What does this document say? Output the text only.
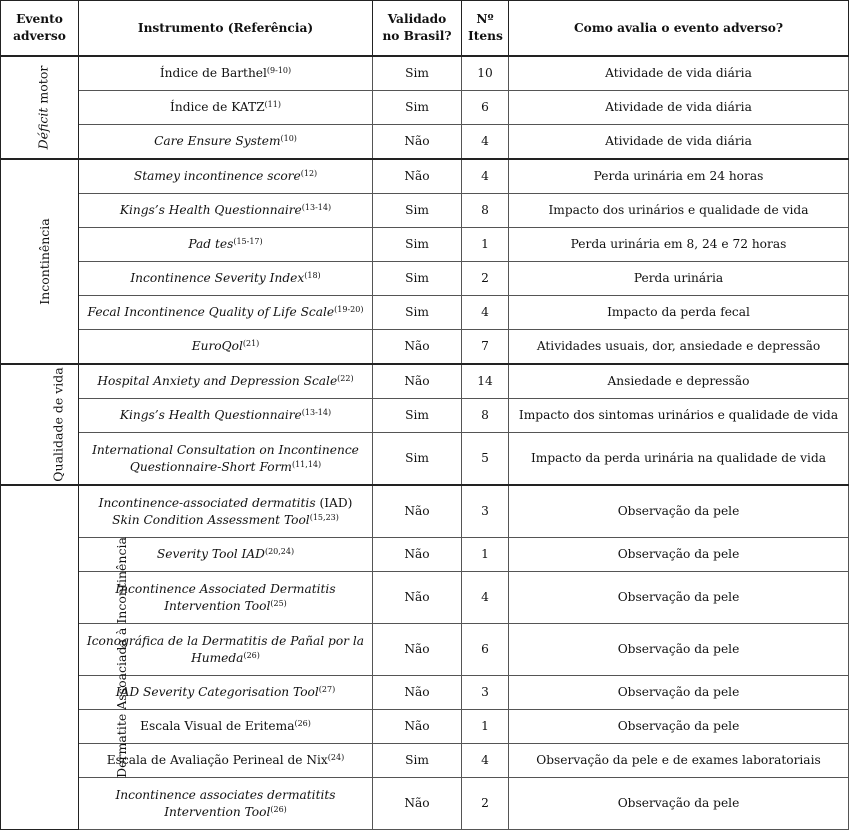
Evento adverso	Instrumento (Referência)	Validado no Brasil?	Nº Itens	Como avalia o evento adverso?
Déficit motor	Índice de Barthel$^{(9-10)}$	Sim	10	Atividade de vida diária
	Índice de KATZ$^{(11)}$	Sim	6	Atividade de vida diária
	Care Ensure System$^{(10)}$	Não	4	Atividade de vida diária
Incontinência	Stamey incontinence score$^{(12)}$	Não	4	Perda urinária em 24 horas
	Kings’s Health Questionnaire$^{(13-14)}$	Sim	8	Impacto dos urinários e qualidade de vida
	Pad tes$^{(15-17)}$	Sim	1	Perda urinária em 8, 24 e 72 horas
	Incontinence Severity Index$^{(18)}$	Sim	2	Perda urinária
	Fecal Incontinence Quality of Life Scale$^{(19-20)}$	Sim	4	Impacto da perda fecal
	EuroQol$^{(21)}$	Não	7	Atividades usuais, dor, ansiedade e depressão
Qualidade de vida	Hospital Anxiety and Depression Scale$^{(22)}$	Não	14	Ansiedade e depressão
	Kings’s Health Questionnaire$^{(13-14)}$	Sim	8	Impacto dos sintomas urinários e qualidade de vida
	International Consultation on Incontinence Questionnaire-Short Form$^{(11,14)}$	Sim	5	Impacto da perda urinária na qualidade de vida
Dermatite Assoaciada à Incontinência	Incontinence-associated dermatitis (IAD) Skin Condition Assessment Tool$^{(15,23)}$	Não	3	Observação da pele
	Severity Tool IAD$^{(20,24)}$	Não	1	Observação da pele
	Incontinence Associated Dermatitis Intervention Tool$^{(25)}$	Não	4	Observação da pele
	Iconográfica de la Dermatitis de Pañal por la Humeda$^{(26)}$	Não	6	Observação da pele
	IAD Severity Categorisation Tool$^{(27)}$	Não	3	Observação da pele
	Escala Visual de Eritema$^{(26)}$	Não	1	Observação da pele
	Escala de Avaliação Perineal de Nix$^{(24)}$	Sim	4	Observação da pele e de exames laboratoriais
	Incontinence associates dermatitits Intervention Tool$^{(26)}$	Não	2	Observação da pele
